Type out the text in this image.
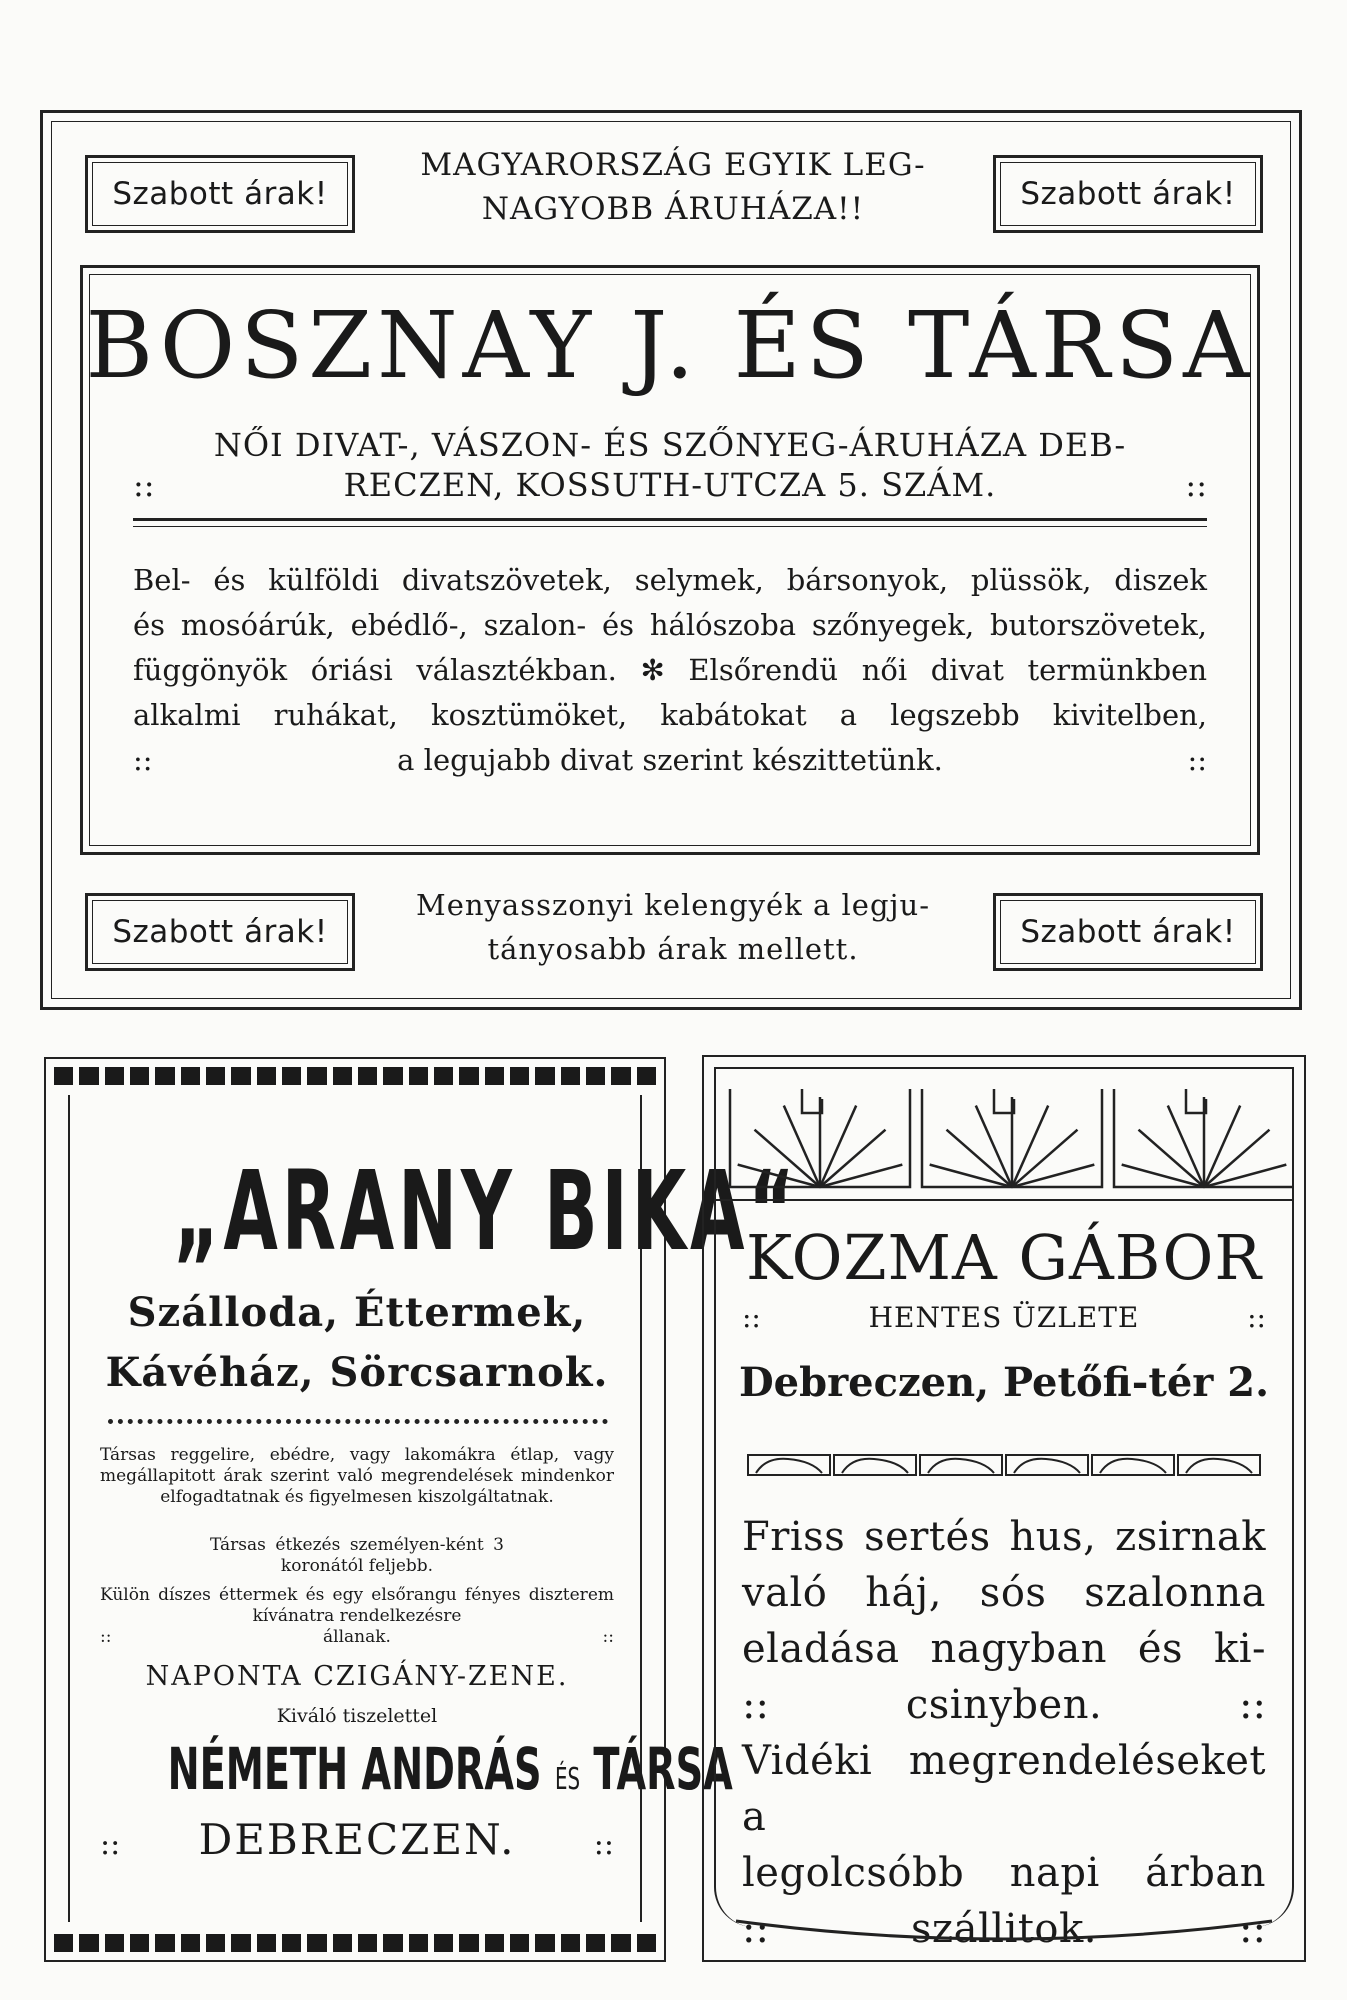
Szabott árak!
MAGYARORSZÁG EGYIK LEG-
NAGYOBB ÁRUHÁZA!!	Szabott árak!
BOSZNAY J. ÉS TÁRSA
NŐI DIVAT-, VÁSZON- ÉS SZŐNYEG-ÁRUHÁZA DEB-
::	RECZEN, KOSSUTH-UTCZA 5. SZÁM.	::
Bel- és külföldi divatszövetek, selymek, bársonyok, plüssök, diszek
és mosóárúk, ebédlő-, szalon- és hálószoba szőnyegek, butorszövetek,
függönyök óriási választékban. ✻ Elsőrendü női divat termünkben
alkalmi ruhákat, kosztümöket, kabátokat a legszebb kivitelben,
::	a legujabb divat szerint készittetünk.	::
Szabott árak!
Menyasszonyi kelengyék a legju-
tányosabb árak mellett.	Szabott árak!
„ARANY BIKA“
Szálloda, Éttermek,
Kávéház, Sörcsarnok.
Társas reggelire, ebédre, vagy lakomákra étlap, vagy megállapitott árak szerint való megrendelések mindenkor elfogadtatnak és figyelmesen kiszolgáltatnak.
Társas étkezés személyen-ként 3 koronától feljebb.
Külön díszes éttermek és egy elsőrangu fényes diszterem kívánatra rendelkezésre
::	állanak.	::
NAPONTA CZIGÁNY-ZENE.
Kiváló tiszelettel
NÉMETH ANDRÁS ÉS TÁRSA
:: DEBRECZEN.	::
KOZMA GÁBOR
::	HENTES ÜZLETE	::
Debreczen, Petőfi-tér 2.
Friss sertés hus, zsirnak
való háj, sós szalonna
eladása nagyban és ki-
::	csinyben.	::
Vidéki megrendeléseket a
legolcsóbb napi árban
::	szállitok.	::
